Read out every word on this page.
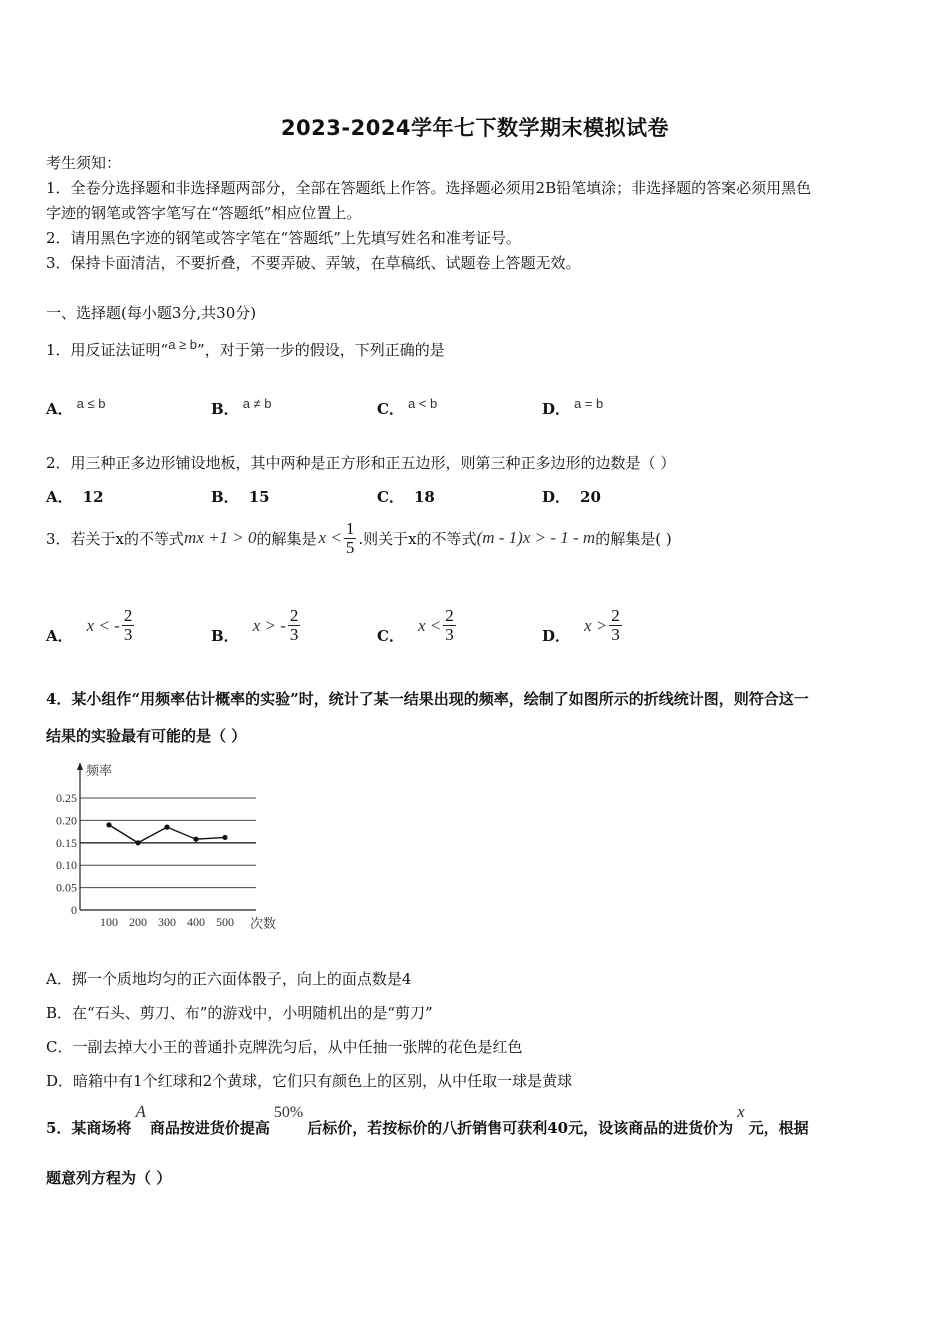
2023-2024学年七下数学期末模拟试卷
考生须知：
1．全卷分选择题和非选择题两部分，全部在答题纸上作答。选择题必须用2B铅笔填涂；非选择题的答案必须用黑色
字迹的钢笔或答字笔写在“答题纸”相应位置上。
2．请用黑色字迹的钢笔或答字笔在“答题纸”上先填写姓名和准考证号。
3．保持卡面清洁，不要折叠，不要弄破、弄皱，在草稿纸、试题卷上答题无效。
一、选择题(每小题3分,共30分)
1．用反证法证明“a ≥ b”，对于第一步的假设，下列正确的是
A． a ≤ b	B． a ≠ b	C． a < b	D． a = b
2．用三种正多边形铺设地板，其中两种是正方形和正五边形，则第三种正多边形的边数是（ ）
A． 12	B． 15	C． 18	D． 20
3．若关于x的不等式 mx +1 > 0 的解集是 $x < \frac{1}{5}$ .则关于x的不等式 (m - 1)x > - 1 - m 的解集是( )
A．
x < - $\frac{2}{3}$	B．
x > - $\frac{2}{3}$	C．
$x < \frac{2}{3}$	D．
$x > \frac{2}{3}$
4．某小组作“用频率估计概率的实验”时，统计了某一结果出现的频率，绘制了如图所示的折线统计图，则符合这一
结果的实验最有可能的是（ ）
0
0.05
0.10
0.15
0.20
0.25
频率
次数
100 200 300 400 500
A．掷一个质地均匀的正六面体骰子，向上的面点数是4
B．在“石头、剪刀、布”的游戏中，小明随机出的是“剪刀”
C．一副去掉大小王的普通扑克牌洗匀后，从中任抽一张牌的花色是红色
D．暗箱中有1个红球和2个黄球，它们只有颜色上的区别，从中任取一球是黄球
5．某商场将
A
商品按进货价提高
50%
后标价，若按标价的八折销售可获利40元，设该商品的进货价为
x
元，根据
题意列方程为（ ）
